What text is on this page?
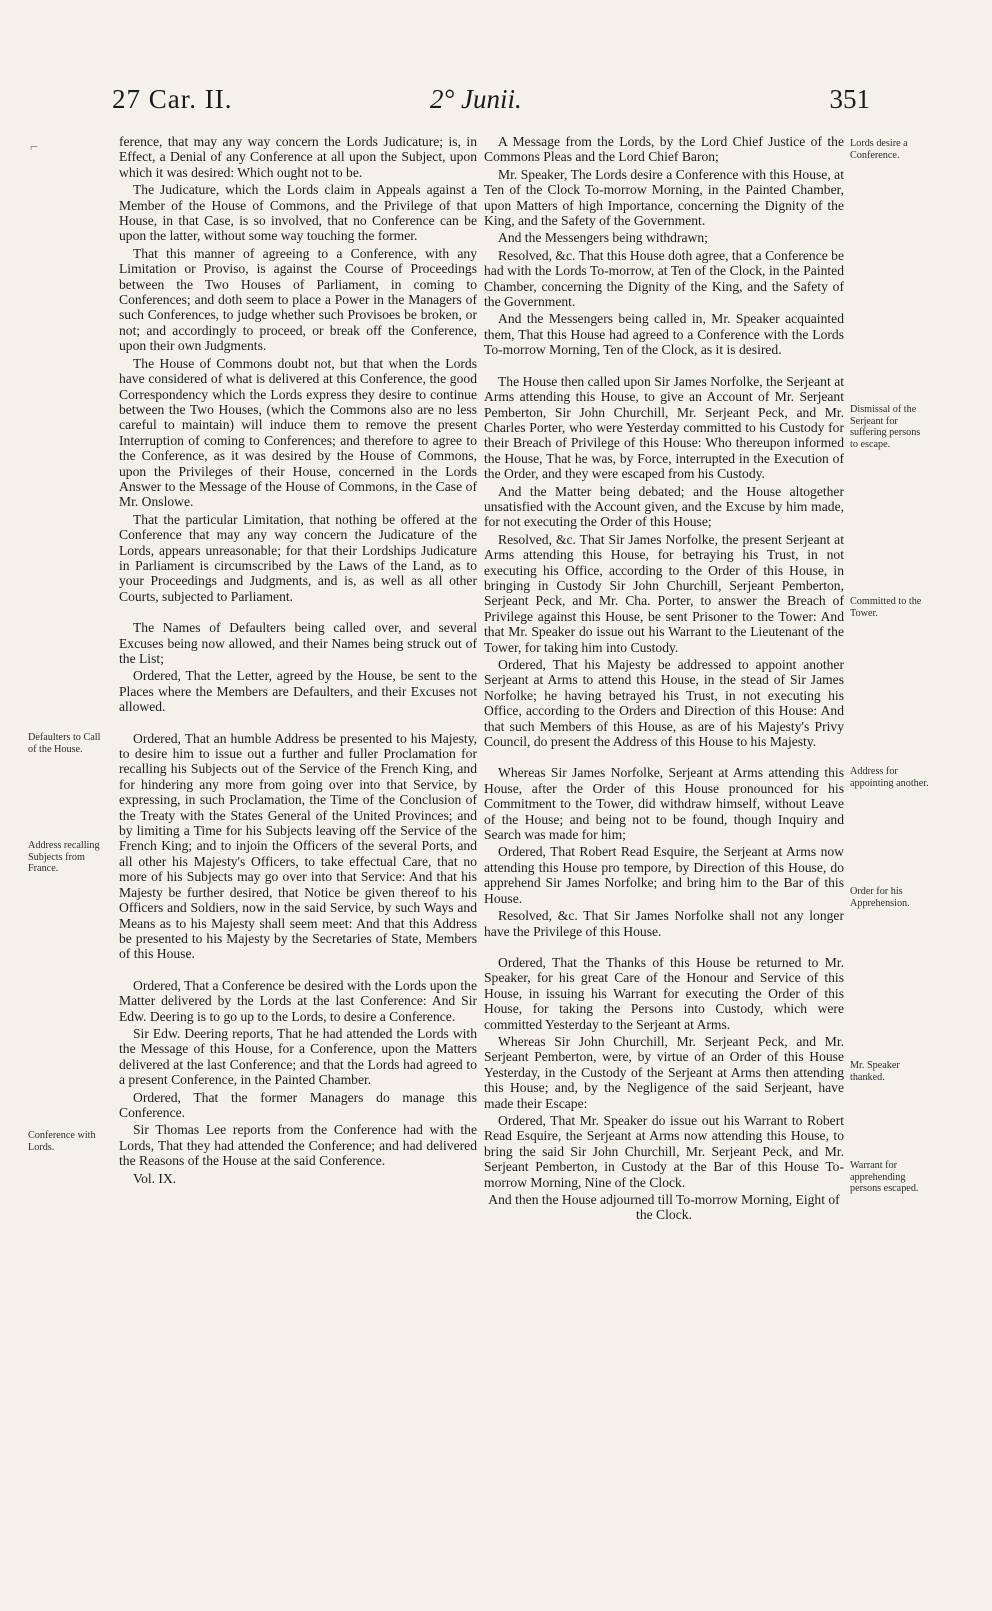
27 Car. II.	2° Junii.	351
⌐	ference, that may any way concern the Lords Judicature; is, in Effect, a Denial of any Conference at all upon the Subject, upon which it was desired: Which ought not to be.

The Judicature, which the Lords claim in Appeals against a Member of the House of Commons, and the Privilege of that House, in that Case, is so involved, that no Conference can be upon the latter, without some way touching the former.

That this manner of agreeing to a Conference, with any Limitation or Proviso, is against the Course of Proceedings between the Two Houses of Parliament, in coming to Conferences; and doth seem to place a Power in the Managers of such Conferences, to judge whether such Provisoes be broken, or not; and accordingly to proceed, or break off the Conference, upon their own Judgments.

The House of Commons doubt not, but that when the Lords have considered of what is delivered at this Conference, the good Correspondency which the Lords express they desire to continue between the Two Houses, (which the Commons also are no less careful to maintain) will induce them to remove the present Interruption of coming to Conferences; and therefore to agree to the Conference, as it was desired by the House of Commons, upon the Privileges of their House, concerned in the Lords Answer to the Message of the House of Commons, in the Case of Mr. Onslowe.

That the particular Limitation, that nothing be offered at the Conference that may any way concern the Judicature of the Lords, appears unreasonable; for that their Lordships Judicature in Parliament is circumscribed by the Laws of the Land, as to your Proceedings and Judgments, and is, as well as all other Courts, subjected to Parliament.

The Names of Defaulters being called over, and several Excuses being now allowed, and their Names being struck out of the List;

Ordered, That the Letter, agreed by the House, be sent to the Places where the Members are Defaulters, and their Excuses not allowed.

Ordered, That an humble Address be presented to his Majesty, to desire him to issue out a further and fuller Proclamation for recalling his Subjects out of the Service of the French King, and for hindering any more from going over into that Service, by expressing, in such Proclamation, the Time of the Conclusion of the Treaty with the States General of the United Provinces; and by limiting a Time for his Subjects leaving off the Service of the French King; and to injoin the Officers of the several Ports, and all other his Majesty's Officers, to take effectual Care, that no more of his Subjects may go over into that Service: And that his Majesty be further desired, that Notice be given thereof to his Officers and Soldiers, now in the said Service, by such Ways and Means as to his Majesty shall seem meet: And that this Address be presented to his Majesty by the Secretaries of State, Members of this House.

Ordered, That a Conference be desired with the Lords upon the Matter delivered by the Lords at the last Conference: And Sir Edw. Deering is to go up to the Lords, to desire a Conference.

Sir Edw. Deering reports, That he had attended the Lords with the Message of this House, for a Conference, upon the Matters delivered at the last Conference; and that the Lords had agreed to a present Conference, in the Painted Chamber.

Ordered, That the former Managers do manage this Conference.

Sir Thomas Lee reports from the Conference had with the Lords, That they had attended the Conference; and had delivered the Reasons of the House at the said Conference.

Vol. IX.

A Message from the Lords, by the Lord Chief Justice of the Commons Pleas and the Lord Chief Baron;

Mr. Speaker, The Lords desire a Conference with this House, at Ten of the Clock To-morrow Morning, in the Painted Chamber, upon Matters of high Importance, concerning the Dignity of the King, and the Safety of the Government.

And the Messengers being withdrawn;

Resolved, &c. That this House doth agree, that a Conference be had with the Lords To-morrow, at Ten of the Clock, in the Painted Chamber, concerning the Dignity of the King, and the Safety of the Government.

And the Messengers being called in, Mr. Speaker acquainted them, That this House had agreed to a Conference with the Lords To-morrow Morning, Ten of the Clock, as it is desired.

The House then called upon Sir James Norfolke, the Serjeant at Arms attending this House, to give an Account of Mr. Serjeant Pemberton, Sir John Churchill, Mr. Serjeant Peck, and Mr. Charles Porter, who were Yesterday committed to his Custody for their Breach of Privilege of this House: Who thereupon informed the House, That he was, by Force, interrupted in the Execution of the Order, and they were escaped from his Custody.

And the Matter being debated; and the House altogether unsatisfied with the Account given, and the Excuse by him made, for not executing the Order of this House;

Resolved, &c. That Sir James Norfolke, the present Serjeant at Arms attending this House, for betraying his Trust, in not executing his Office, according to the Order of this House, in bringing in Custody Sir John Churchill, Serjeant Pemberton, Serjeant Peck, and Mr. Cha. Porter, to answer the Breach of Privilege against this House, be sent Prisoner to the Tower: And that Mr. Speaker do issue out his Warrant to the Lieutenant of the Tower, for taking him into Custody.

Ordered, That his Majesty be addressed to appoint another Serjeant at Arms to attend this House, in the stead of Sir James Norfolke; he having betrayed his Trust, in not executing his Office, according to the Orders and Direction of this House: And that such Members of this House, as are of his Majesty's Privy Council, do present the Address of this House to his Majesty.

Whereas Sir James Norfolke, Serjeant at Arms attending this House, after the Order of this House pronounced for his Commitment to the Tower, did withdraw himself, without Leave of the House; and being not to be found, though Inquiry and Search was made for him;

Ordered, That Robert Read Esquire, the Serjeant at Arms now attending this House pro tempore, by Direction of this House, do apprehend Sir James Norfolke; and bring him to the Bar of this House.

Resolved, &c. That Sir James Norfolke shall not any longer have the Privilege of this House.

Ordered, That the Thanks of this House be returned to Mr. Speaker, for his great Care of the Honour and Service of this House, in issuing his Warrant for executing the Order of this House, for taking the Persons into Custody, which were committed Yesterday to the Serjeant at Arms.

Whereas Sir John Churchill, Mr. Serjeant Peck, and Mr. Serjeant Pemberton, were, by virtue of an Order of this House Yesterday, in the Custody of the Serjeant at Arms then attending this House; and, by the Negligence of the said Serjeant, have made their Escape:

Ordered, That Mr. Speaker do issue out his Warrant to Robert Read Esquire, the Serjeant at Arms now attending this House, to bring the said Sir John Churchill, Mr. Serjeant Peck, and Mr. Serjeant Pemberton, in Custody at the Bar of this House To-morrow Morning, Nine of the Clock.

And then the House adjourned till To-morrow Morning, Eight of the Clock.

Defaulters to Call of the House.
Address recalling Subjects from France.
Conference with Lords.
Lords desire a Conference.
Dismissal of the Serjeant for suffering persons to escape.
Committed to the Tower.
Address for appointing another.
Order for his Apprehension.
Mr. Speaker thanked.
Warrant for apprehending persons escaped.
